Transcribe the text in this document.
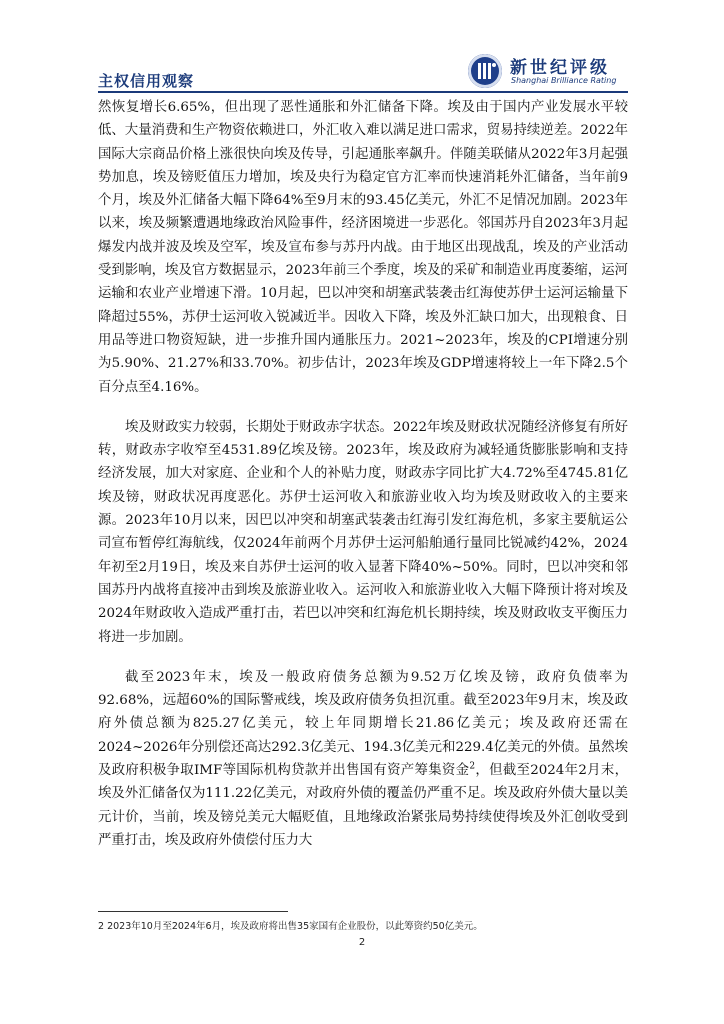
主权信用观察
新世纪评级
Shanghai Brilliance Rating

然恢复增长6.65%，但出现了恶性通胀和外汇储备下降。埃及由于国内产业发展水平较低、大量消费和生产物资依赖进口，外汇收入难以满足进口需求，贸易持续逆差。2022年国际大宗商品价格上涨很快向埃及传导，引起通胀率飙升。伴随美联储从2022年3月起强势加息，埃及镑贬值压力增加，埃及央行为稳定官方汇率而快速消耗外汇储备，当年前9个月，埃及外汇储备大幅下降64%至9月末的93.45亿美元，外汇不足情况加剧。2023年以来，埃及频繁遭遇地缘政治风险事件，经济困境进一步恶化。邻国苏丹自2023年3月起爆发内战并波及埃及空军，埃及宣布参与苏丹内战。由于地区出现战乱，埃及的产业活动受到影响，埃及官方数据显示，2023年前三个季度，埃及的采矿和制造业再度萎缩，运河运输和农业产业增速下滑。10月起，巴以冲突和胡塞武装袭击红海使苏伊士运河运输量下降超过55%，苏伊士运河收入锐减近半。因收入下降，埃及外汇缺口加大，出现粮食、日用品等进口物资短缺，进一步推升国内通胀压力。2021~2023年，埃及的CPI增速分别为5.90%、21.27%和33.70%。初步估计，2023年埃及GDP增速将较上一年下降2.5个百分点至4.16%。

埃及财政实力较弱，长期处于财政赤字状态。2022年埃及财政状况随经济修复有所好转，财政赤字收窄至4531.89亿埃及镑。2023年，埃及政府为减轻通货膨胀影响和支持经济发展，加大对家庭、企业和个人的补贴力度，财政赤字同比扩大4.72%至4745.81亿埃及镑，财政状况再度恶化。苏伊士运河收入和旅游业收入均为埃及财政收入的主要来源。2023年10月以来，因巴以冲突和胡塞武装袭击红海引发红海危机，多家主要航运公司宣布暂停红海航线，仅2024年前两个月苏伊士运河船舶通行量同比锐减约42%，2024年初至2月19日，埃及来自苏伊士运河的收入显著下降40%~50%。同时，巴以冲突和邻国苏丹内战将直接冲击到埃及旅游业收入。运河收入和旅游业收入大幅下降预计将对埃及2024年财政收入造成严重打击，若巴以冲突和红海危机长期持续，埃及财政收支平衡压力将进一步加剧。

截至2023年末，埃及一般政府债务总额为9.52万亿埃及镑，政府负债率为92.68%，远超60%的国际警戒线，埃及政府债务负担沉重。截至2023年9月末，埃及政府外债总额为825.27亿美元，较上年同期增长21.86亿美元；埃及政府还需在2024~2026年分别偿还高达292.3亿美元、194.3亿美元和229.4亿美元的外债。虽然埃及政府积极争取IMF等国际机构贷款并出售国有资产筹集资金$^2$，但截至2024年2月末，埃及外汇储备仅为111.22亿美元，对政府外债的覆盖仍严重不足。埃及政府外债大量以美元计价，当前，埃及镑兑美元大幅贬值，且地缘政治紧张局势持续使得埃及外汇创收受到严重打击，埃及政府外债偿付压力大

2 2023年10月至2024年6月，埃及政府将出售35家国有企业股份，以此筹资约50亿美元。
2
